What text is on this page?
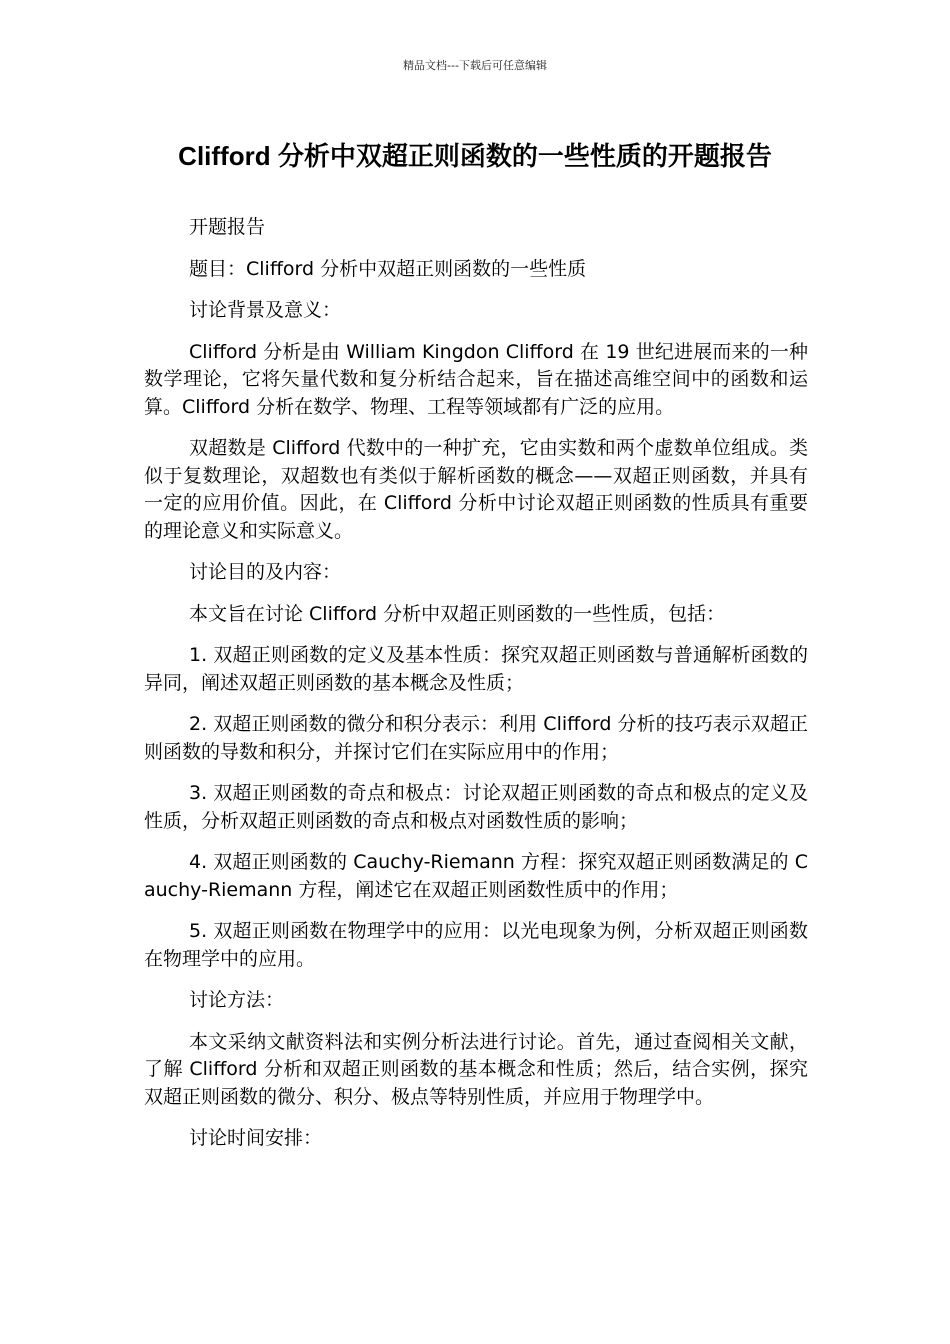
精品文档---下载后可任意编辑
Clifford 分析中双超正则函数的一些性质的开题报告

开题报告

题目：Clifford 分析中双超正则函数的一些性质

讨论背景及意义：

Clifford 分析是由 William Kingdon Clifford 在 19 世纪进展而来的一种数学理论，它将矢量代数和复分析结合起来，旨在描述高维空间中的函数和运算。Clifford 分析在数学、物理、工程等领域都有广泛的应用。

双超数是 Clifford 代数中的一种扩充，它由实数和两个虚数单位组成。类似于复数理论，双超数也有类似于解析函数的概念——双超正则函数，并具有一定的应用价值。因此，在 Clifford 分析中讨论双超正则函数的性质具有重要的理论意义和实际意义。

讨论目的及内容：

本文旨在讨论 Clifford 分析中双超正则函数的一些性质，包括：

1. 双超正则函数的定义及基本性质：探究双超正则函数与普通解析函数的异同，阐述双超正则函数的基本概念及性质；

2. 双超正则函数的微分和积分表示：利用 Clifford 分析的技巧表示双超正则函数的导数和积分，并探讨它们在实际应用中的作用；

3. 双超正则函数的奇点和极点：讨论双超正则函数的奇点和极点的定义及性质，分析双超正则函数的奇点和极点对函数性质的影响；

4. 双超正则函数的 Cauchy-Riemann 方程：探究双超正则函数满足的 Cauchy-Riemann 方程，阐述它在双超正则函数性质中的作用；

5. 双超正则函数在物理学中的应用：以光电现象为例，分析双超正则函数在物理学中的应用。

讨论方法：

本文采纳文献资料法和实例分析法进行讨论。首先，通过查阅相关文献，了解 Clifford 分析和双超正则函数的基本概念和性质；然后，结合实例，探究双超正则函数的微分、积分、极点等特别性质，并应用于物理学中。

讨论时间安排：
